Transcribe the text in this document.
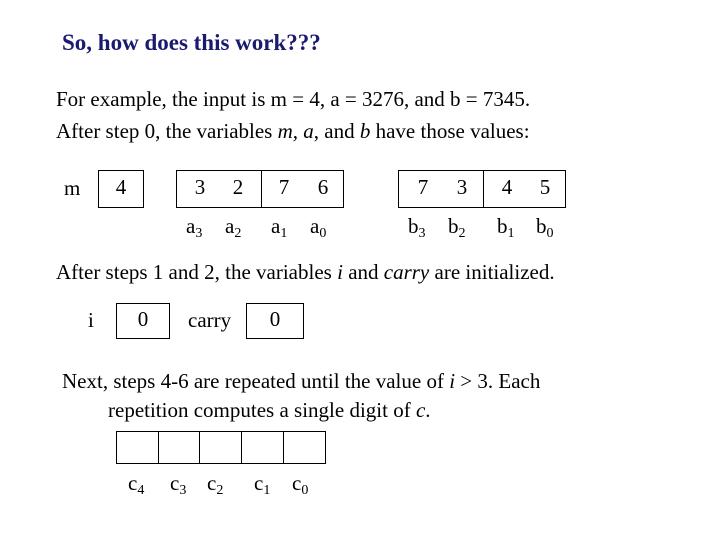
So, how does this work???
For example, the input is m = 4, a = 3276, and b = 7345.
After step 0, the variables m, a, and b have those values:
m	4	3 2 7 6
$a_3$ $a_2$ $a_1$ $a_0$
7 3 4 5
$b_3$ $b_2$ $b_1$ $b_0$
After steps 1 and 2, the variables i and carry are initialized.
i	0	carry	0
Next, steps 4-6 are repeated until the value of i > 3. Each
repetition computes a single digit of c.
$c_4$ $c_3$ $c_2$ $c_1$ $c_0$
